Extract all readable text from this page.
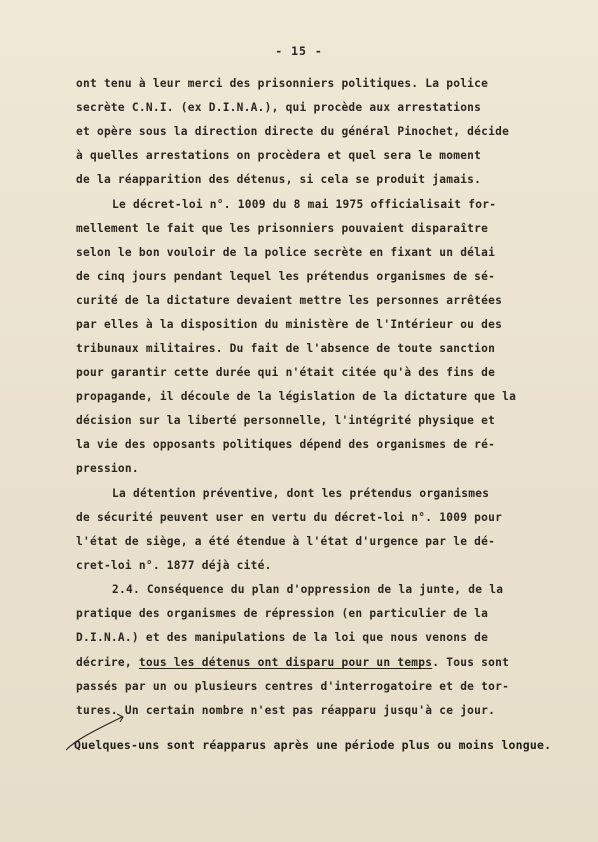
- 15 -
ont tenu à leur merci des prisonniers politiques. La police
secrète C.N.I. (ex D.I.N.A.), qui procède aux arrestations
et opère sous la direction directe du général Pinochet, décide
à quelles arrestations on procèdera et quel sera le moment
de la réapparition des détenus, si cela se produit jamais.
Le décret-loi n°. 1009 du 8 mai 1975 officialisait for-
mellement le fait que les prisonniers pouvaient disparaître
selon le bon vouloir de la police secrète en fixant un délai
de cinq jours pendant lequel les prétendus organismes de sé-
curité de la dictature devaient mettre les personnes arrêtées
par elles à la disposition du ministère de l'Intérieur ou des
tribunaux militaires. Du fait de l'absence de toute sanction
pour garantir cette durée qui n'était citée qu'à des fins de
propagande, il découle de la législation de la dictature que la
décision sur la liberté personnelle, l'intégrité physique et
la vie des opposants politiques dépend des organismes de ré-
pression.
La détention préventive, dont les prétendus organismes
de sécurité peuvent user en vertu du décret-loi n°. 1009 pour
l'état de siège, a été étendue à l'état d'urgence par le dé-
cret-loi n°. 1877 déjà cité.
2.4. Conséquence du plan d'oppression de la junte, de la
pratique des organismes de répression (en particulier de la
D.I.N.A.) et des manipulations de la loi que nous venons de
décrire, tous les détenus ont disparu pour un temps. Tous sont
passés par un ou plusieurs centres d'interrogatoire et de tor-
tures. Un certain nombre n'est pas réapparu jusqu'à ce jour.
Quelques-uns sont réapparus après une période plus ou moins longue.
